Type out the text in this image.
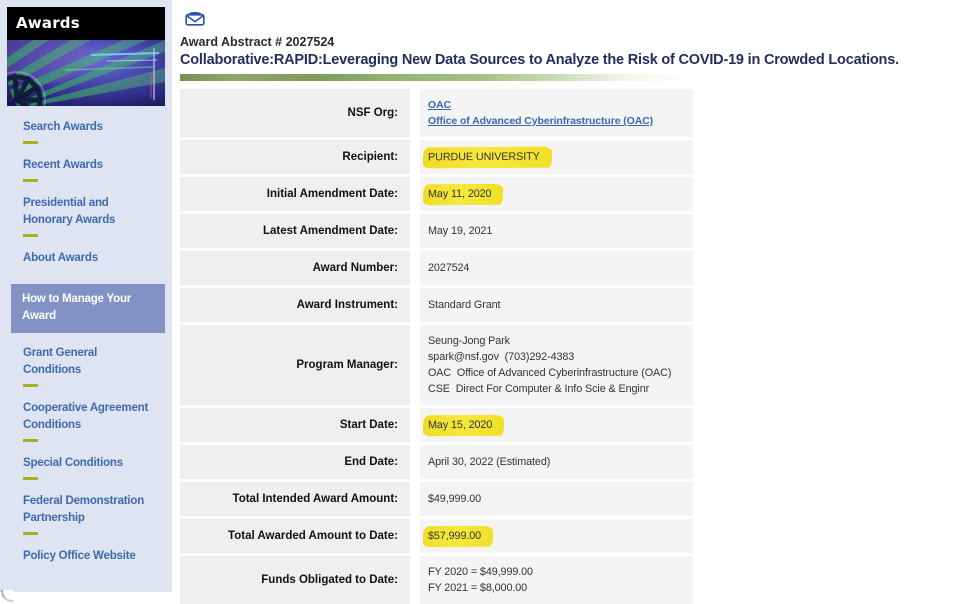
Awards
Search Awards
Recent Awards
Presidential and Honorary Awards
About Awards
How to Manage Your Award
Grant General Conditions
Cooperative Agreement Conditions
Special Conditions
Federal Demonstration Partnership
Policy Office Website
Award Abstract # 2027524
Collaborative:RAPID:Leveraging New Data Sources to Analyze the Risk of COVID-19 in Crowded Locations.
NSF Org:
OAC
Office of Advanced Cyberinfrastructure (OAC)
Recipient:	PURDUE UNIVERSITY
Initial Amendment Date:	May 11, 2020
Latest Amendment Date:	May 19, 2021
Award Number:	2027524
Award Instrument:	Standard Grant
Program Manager:
Seung-Jong Park
spark@nsf.gov  (703)292-4383
OAC  Office of Advanced Cyberinfrastructure (OAC)
CSE  Direct For Computer & Info Scie & Enginr
Start Date:	May 15, 2020
End Date:	April 30, 2022 (Estimated)
Total Intended Award Amount:	$49,999.00
Total Awarded Amount to Date:	$57,999.00
Funds Obligated to Date:
FY 2020 = $49,999.00
FY 2021 = $8,000.00
